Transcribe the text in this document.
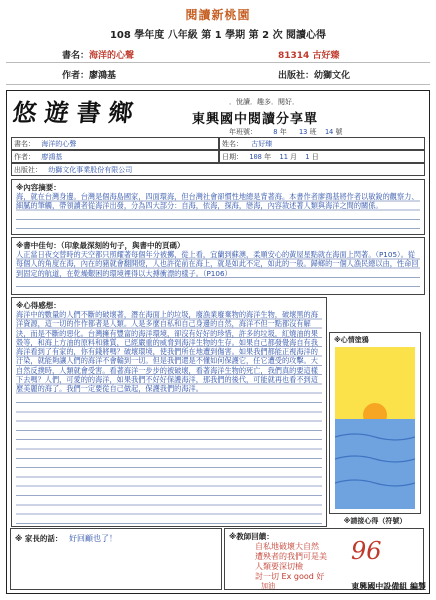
閱讀新桃園
108 學年度 八年級 第 1 學期 第 2 次 閱讀心得
書名：海洋的心聲	81314 古好臻
作者：廖鴻基	出版社：幼獅文化
悠遊書鄉	．悅讀．趣多．閱好．
東興國中閱讀分享單
年班號： 8 年 13 班 14 號
書名： 海洋的心聲	姓名： 古好臻
作者： 廖鴻基	日期： 108 年 11 月 1 日
出版社： 幼獅文化事業股份有限公司
※內容摘要：
海，就在台灣身邊。台灣是個海島國家，四面環海，但台灣社會卻慣性地總是背著海。本書作者廖鴻基將作者以敏銳的觀察力、細膩的筆觸，帶領讀者從海洋出發，分為四大部分：自海，依海，探海，戀海，內容敘述著人類與海洋之間的關係。
※書中佳句：（印象最深刻的句子，與書中的頁碼）
人正當日夜交替時的天空都只照耀著每個年分被擲，從上看，宜蘭到蘇澳，柔順安心的黃屋星點就在海面上閃著。（P105）。從每個人的角度在海，內在的豬就會翻開燈，人也許從前在海上，就是如此不定，如此的一般。歸鄉的一個人漁民總以由，性命回到固定的航道，在乾燥艱困的環境裡得以大搏衝漂的樣子。（P106）
※心得感想：
海洋中的數量的人們不斷的破壞著，潛在海面上的垃圾，廢漁業廢棄物的海洋生物，破壞黑的海洋資源，這一切的作作都者是人類。人是多麼自私和自己身邊的自然，海洋不但一點都沒有解決，而是不斷的惡化。台灣擁有豐富的海洋環境，卻沒有好好的珍惜，許多的垃圾，紅燒油的果殼等，和海上方油的原料和雜質，已經嚴重的威脅到海洋生物的生存。如果自己都發覺海自有我海洋看到了有家的，你有錢將嗎？破壞環境，使我們所在地遭到傷害。如果我們都能正視海洋的汙染，就能夠讓人們的海洋不會輸到一切。但是我們還是不懂如何保護它，任它遭受的攻擊。大自然反撲時，人類就會受害。看著海洋一步步的被破壞，看著海洋生物的死亡，我們真的要這樣下去嗎？人們，可愛的的海洋，如果我們不好好保護海洋，那我們的後代，可能就再也看不到這麼美麗的海了。我們一定要從自己做起，保護我們的海洋。
※心情塗鴉
※請接心得（符號）
※ 家長的話： 好回顧也了！	※教師回饋：
自私地破壞大自然
遭殃者的我們可是美
人類要深切檢
討一切 Ex good 好
加油
96
東興國中設備組 編製
